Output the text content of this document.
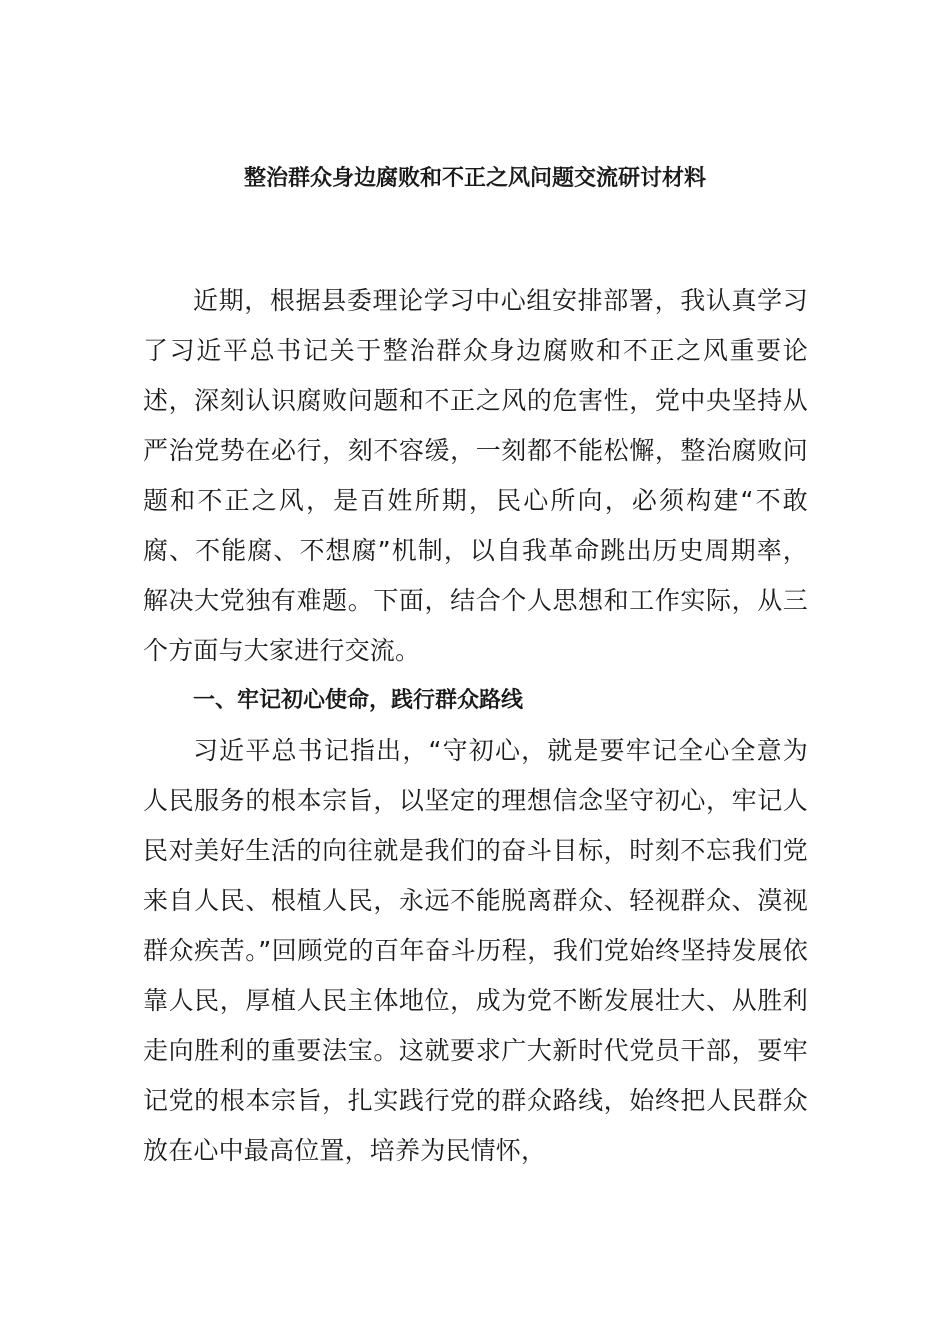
整治群众身边腐败和不正之风问题交流研讨材料

近期，根据县委理论学习中心组安排部署，我认真学习了习近平总书记关于整治群众身边腐败和不正之风重要论述，深刻认识腐败问题和不正之风的危害性，党中央坚持从严治党势在必行，刻不容缓，一刻都不能松懈，整治腐败问题和不正之风，是百姓所期，民心所向，必须构建“不敢腐、不能腐、不想腐”机制，以自我革命跳出历史周期率，解决大党独有难题。下面，结合个人思想和工作实际，从三个方面与大家进行交流。

一、牢记初心使命，践行群众路线

习近平总书记指出，“守初心，就是要牢记全心全意为人民服务的根本宗旨，以坚定的理想信念坚守初心，牢记人民对美好生活的向往就是我们的奋斗目标，时刻不忘我们党来自人民、根植人民，永远不能脱离群众、轻视群众、漠视群众疾苦。”回顾党的百年奋斗历程，我们党始终坚持发展依靠人民，厚植人民主体地位，成为党不断发展壮大、从胜利走向胜利的重要法宝。这就要求广大新时代党员干部，要牢记党的根本宗旨，扎实践行党的群众路线，始终把人民群众放在心中最高位置，培养为民情怀，
